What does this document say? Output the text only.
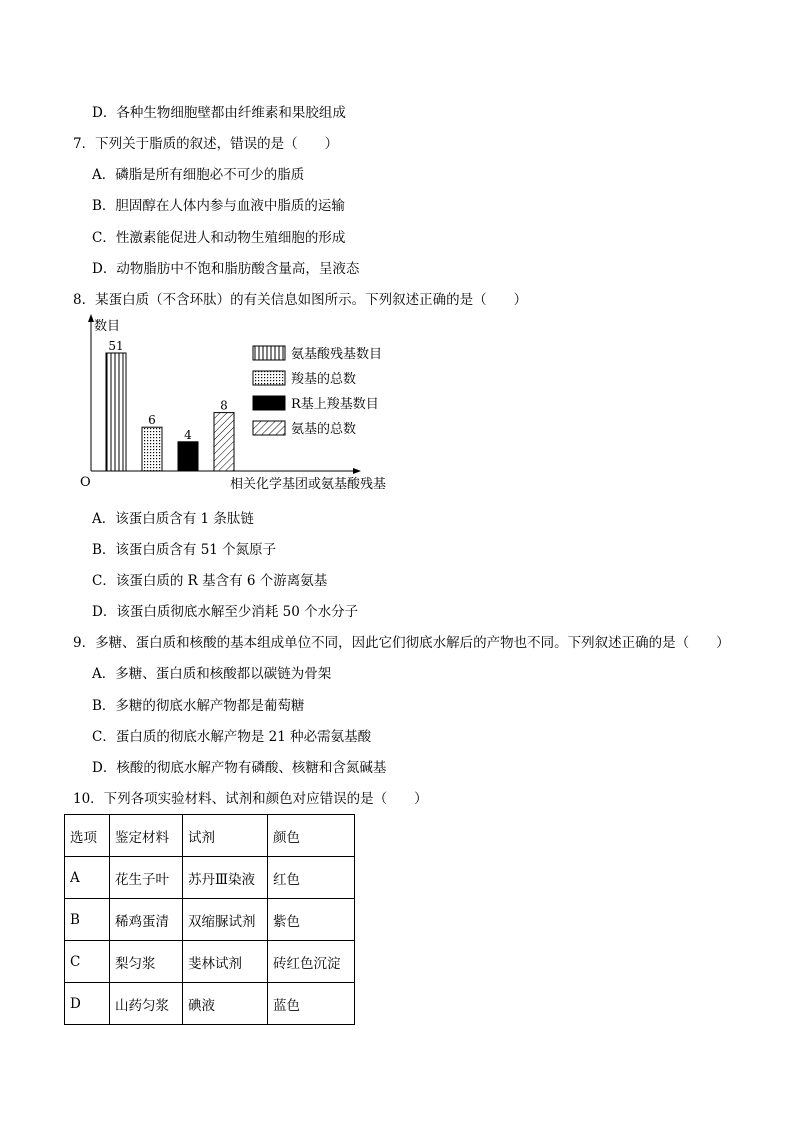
D．各种生物细胞壁都由纤维素和果胶组成
7．下列关于脂质的叙述，错误的是（　　）
A．磷脂是所有细胞必不可少的脂质
B．胆固醇在人体内参与血液中脂质的运输
C．性激素能促进人和动物生殖细胞的形成
D．动物脂肪中不饱和脂肪酸含量高，呈液态
8．某蛋白质（不含环肽）的有关信息如图所示。下列叙述正确的是（　　）
数目
O	相关化学基团或氨基酸残基
51
6
4
8
氨基酸残基数目
羧基的总数
R基上羧基数目
氨基的总数
A．该蛋白质含有 1 条肽链
B．该蛋白质含有 51 个氮原子
C．该蛋白质的 R 基含有 6 个游离氨基
D．该蛋白质彻底水解至少消耗 50 个水分子
9．多糖、蛋白质和核酸的基本组成单位不同，因此它们彻底水解后的产物也不同。下列叙述正确的是（　　）
A．多糖、蛋白质和核酸都以碳链为骨架
B．多糖的彻底水解产物都是葡萄糖
C．蛋白质的彻底水解产物是 21 种必需氨基酸
D．核酸的彻底水解产物有磷酸、核糖和含氮碱基
10．下列各项实验材料、试剂和颜色对应错误的是（　　）
选项	鉴定材料	试剂	颜色
A	花生子叶	苏丹Ⅲ染液	红色
B	稀鸡蛋清	双缩脲试剂	紫色
C	梨匀浆	斐林试剂	砖红色沉淀
D	山药匀浆	碘液	蓝色
